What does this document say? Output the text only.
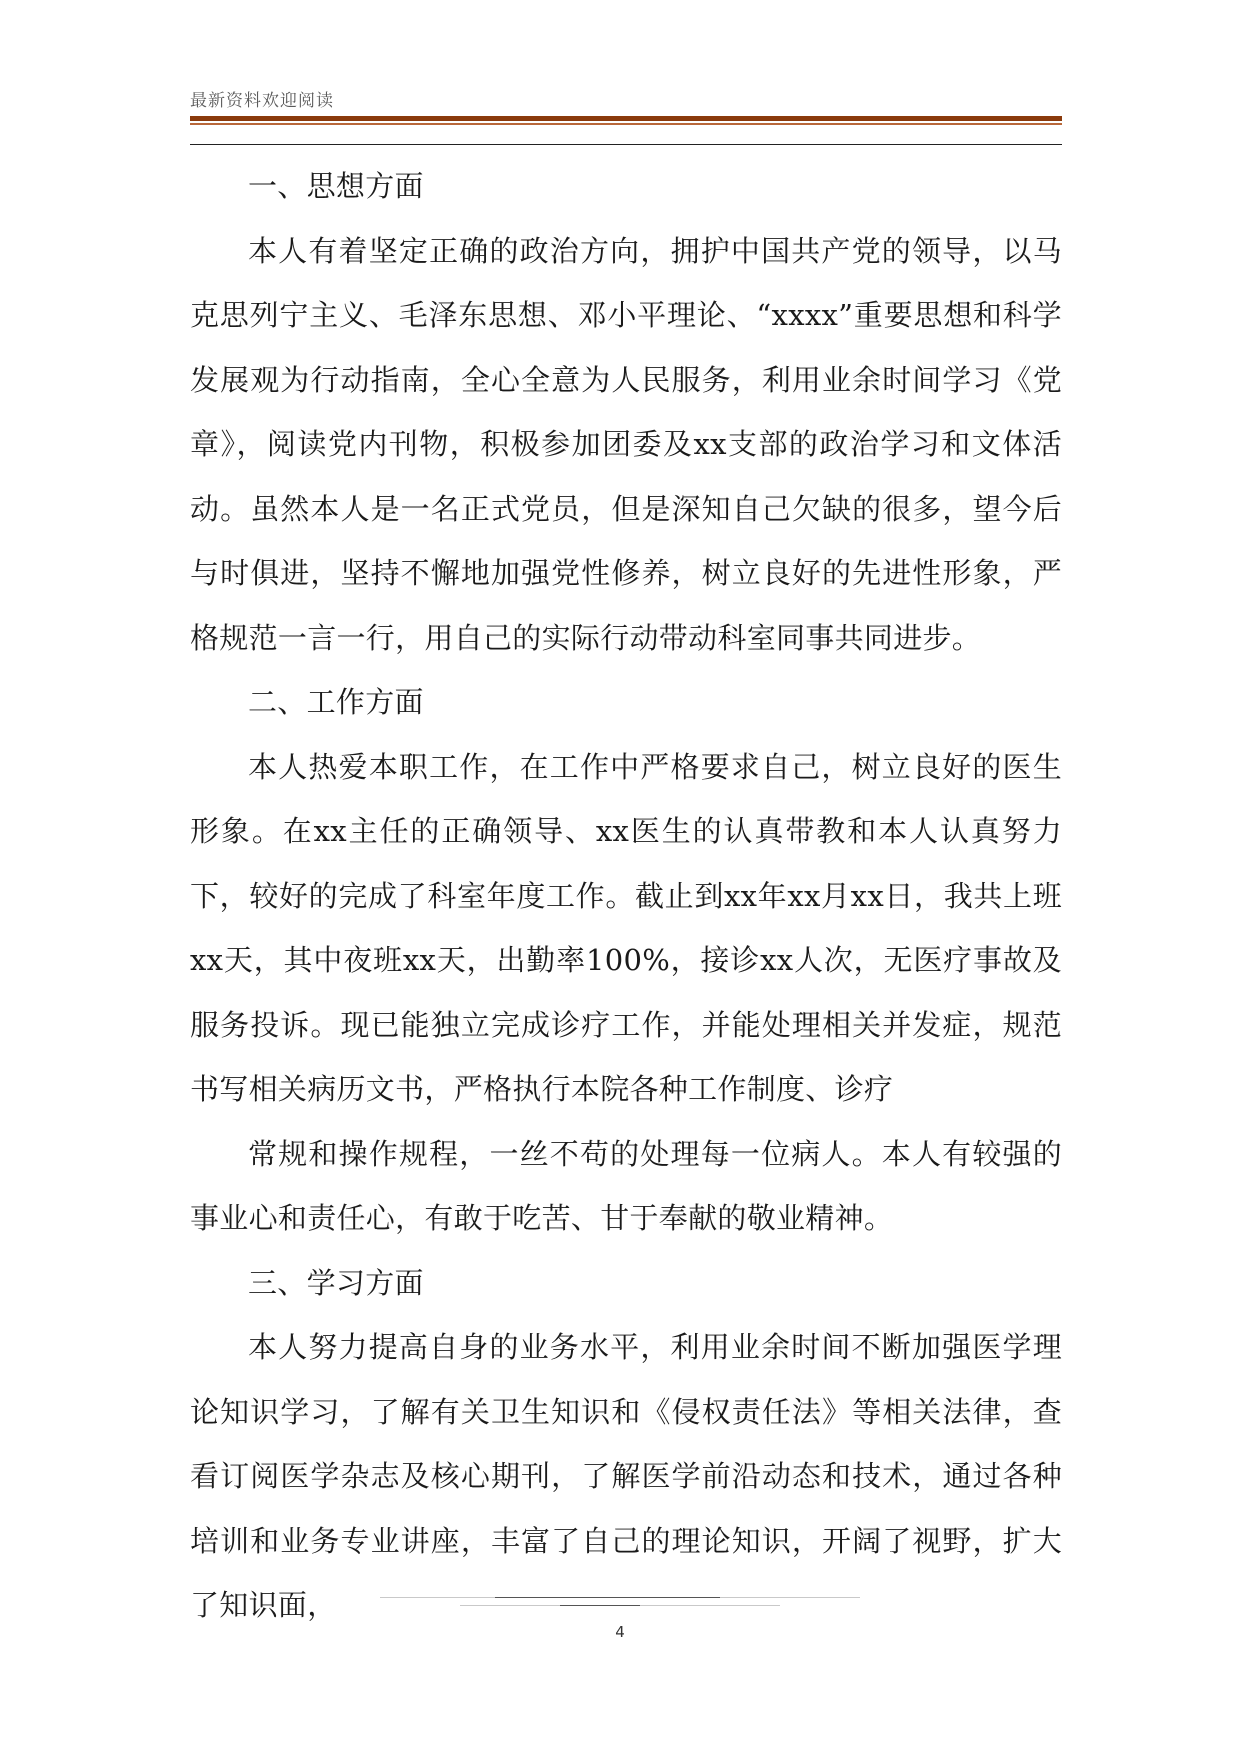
最新资料欢迎阅读

一、思想方面

本人有着坚定正确的政治方向，拥护中国共产党的领导，以马克思列宁主义、毛泽东思想、邓小平理论、“xxxx”重要思想和科学发展观为行动指南，全心全意为人民服务，利用业余时间学习《党章》，阅读党内刊物，积极参加团委及xx支部的政治学习和文体活动。虽然本人是一名正式党员，但是深知自己欠缺的很多，望今后与时俱进，坚持不懈地加强党性修养，树立良好的先进性形象，严格规范一言一行，用自己的实际行动带动科室同事共同进步。

二、工作方面

本人热爱本职工作，在工作中严格要求自己，树立良好的医生形象。在xx主任的正确领导、xx医生的认真带教和本人认真努力下，较好的完成了科室年度工作。截止到xx年xx月xx日，我共上班xx天，其中夜班xx天，出勤率100%，接诊xx人次，无医疗事故及服务投诉。现已能独立完成诊疗工作，并能处理相关并发症，规范书写相关病历文书，严格执行本院各种工作制度、诊疗

常规和操作规程，一丝不苟的处理每一位病人。本人有较强的事业心和责任心，有敢于吃苦、甘于奉献的敬业精神。

三、学习方面

本人努力提高自身的业务水平，利用业余时间不断加强医学理论知识学习，了解有关卫生知识和《侵权责任法》等相关法律，查看订阅医学杂志及核心期刊，了解医学前沿动态和技术，通过各种培训和业务专业讲座，丰富了自己的理论知识，开阔了视野，扩大了知识面，

4
